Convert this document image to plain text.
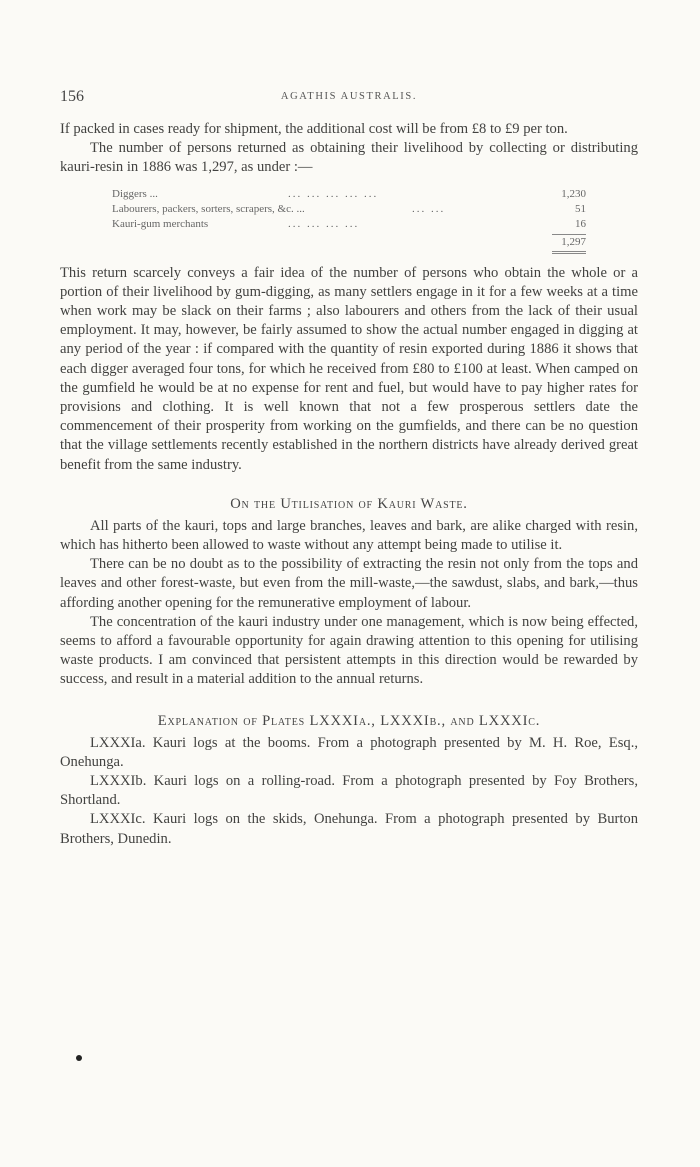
156	AGATHIS AUSTRALIS.

If packed in cases ready for shipment, the additional cost will be from £8 to £9 per ton.

The number of persons returned as obtaining their livelihood by collecting or distributing kauri-resin in 1886 was 1,297, as under :—

Diggers ...	... ... ... ... ...	1,230
Labourers, packers, sorters, scrapers, &c. ...	... ...	51
Kauri-gum merchants	... ... ... ...	16
1,297

This return scarcely conveys a fair idea of the number of persons who obtain the whole or a portion of their livelihood by gum-digging, as many settlers engage in it for a few weeks at a time when work may be slack on their farms ; also labourers and others from the lack of their usual employment. It may, however, be fairly assumed to show the actual number engaged in digging at any period of the year : if compared with the quantity of resin exported during 1886 it shows that each digger averaged four tons, for which he received from £80 to £100 at least. When camped on the gumfield he would be at no expense for rent and fuel, but would have to pay higher rates for provisions and clothing. It is well known that not a few prosperous settlers date the commencement of their prosperity from working on the gumfields, and there can be no question that the village settlements recently established in the northern districts have already derived great benefit from the same industry.

On the Utilisation of Kauri Waste.

All parts of the kauri, tops and large branches, leaves and bark, are alike charged with resin, which has hitherto been allowed to waste without any attempt being made to utilise it.

There can be no doubt as to the possibility of extracting the resin not only from the tops and leaves and other forest-waste, but even from the mill-waste,—the sawdust, slabs, and bark,—thus affording another opening for the remunerative employment of labour.

The concentration of the kauri industry under one management, which is now being effected, seems to afford a favourable opportunity for again drawing attention to this opening for utilising waste products. I am convinced that persistent attempts in this direction would be rewarded by success, and result in a material addition to the annual returns.

Explanation of Plates LXXXIa., LXXXIb., and LXXXIc.

LXXXIa. Kauri logs at the booms. From a photograph presented by M. H. Roe, Esq., Onehunga.

LXXXIb. Kauri logs on a rolling-road. From a photograph presented by Foy Brothers, Shortland.

LXXXIc. Kauri logs on the skids, Onehunga. From a photograph presented by Burton Brothers, Dunedin.
